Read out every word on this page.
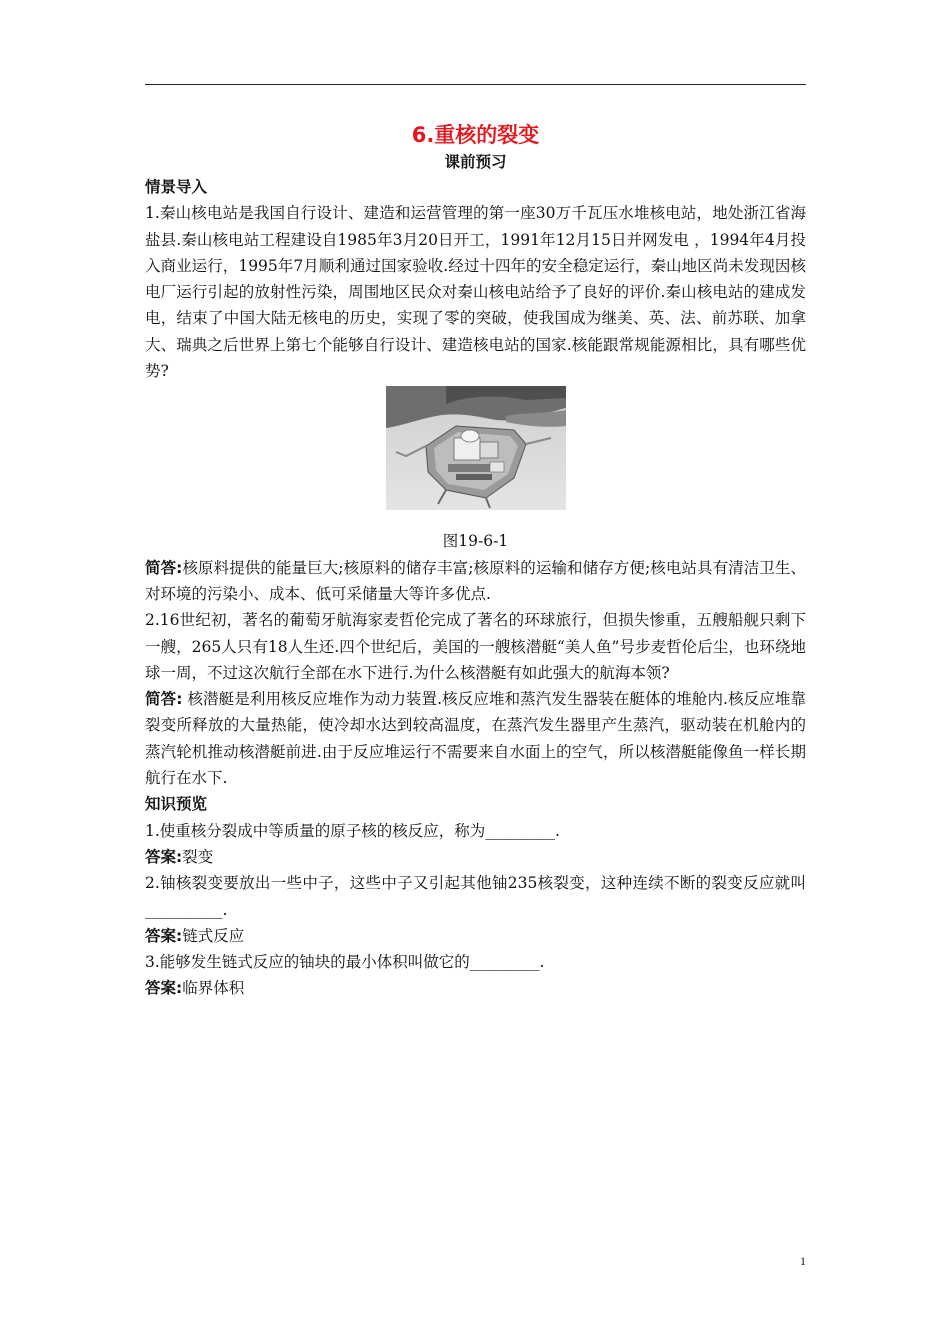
6.重核的裂变
课前预习
情景导入
1.秦山核电站是我国自行设计、建造和运营管理的第一座30万千瓦压水堆核电站，地处浙江省海盐县.秦山核电站工程建设自1985年3月20日开工，1991年12月15日并网发电 ，1994年4月投入商业运行，1995年7月顺利通过国家验收.经过十四年的安全稳定运行，秦山地区尚未发现因核电厂运行引起的放射性污染，周围地区民众对秦山核电站给予了良好的评价.秦山核电站的建成发电，结束了中国大陆无核电的历史，实现了零的突破，使我国成为继美、英、法、前苏联、加拿大、瑞典之后世界上第七个能够自行设计、建造核电站的国家.核能跟常规能源相比，具有哪些优势?
图19-6-1
简答:核原料提供的能量巨大;核原料的储存丰富;核原料的运输和储存方便;核电站具有清洁卫生、对环境的污染小、成本、低可采储量大等许多优点.
2.16世纪初，著名的葡萄牙航海家麦哲伦完成了著名的环球旅行，但损失惨重，五艘船舰只剩下一艘，265人只有18人生还.四个世纪后，美国的一艘核潜艇“美人鱼”号步麦哲伦后尘，也环绕地球一周，不过这次航行全部在水下进行.为什么核潜艇有如此强大的航海本领?
简答: 核潜艇是利用核反应堆作为动力装置.核反应堆和蒸汽发生器装在艇体的堆舱内.核反应堆靠裂变所释放的大量热能，使冷却水达到较高温度，在蒸汽发生器里产生蒸汽，驱动装在机舱内的蒸汽轮机推动核潜艇前进.由于反应堆运行不需要来自水面上的空气，所以核潜艇能像鱼一样长期航行在水下.
知识预览
1.使重核分裂成中等质量的原子核的核反应，称为_________.
答案:裂变
2.铀核裂变要放出一些中子，这些中子又引起其他铀235核裂变，这种连续不断的裂变反应就叫__________.
答案:链式反应
3.能够发生链式反应的铀块的最小体积叫做它的_________.
答案:临界体积
1
